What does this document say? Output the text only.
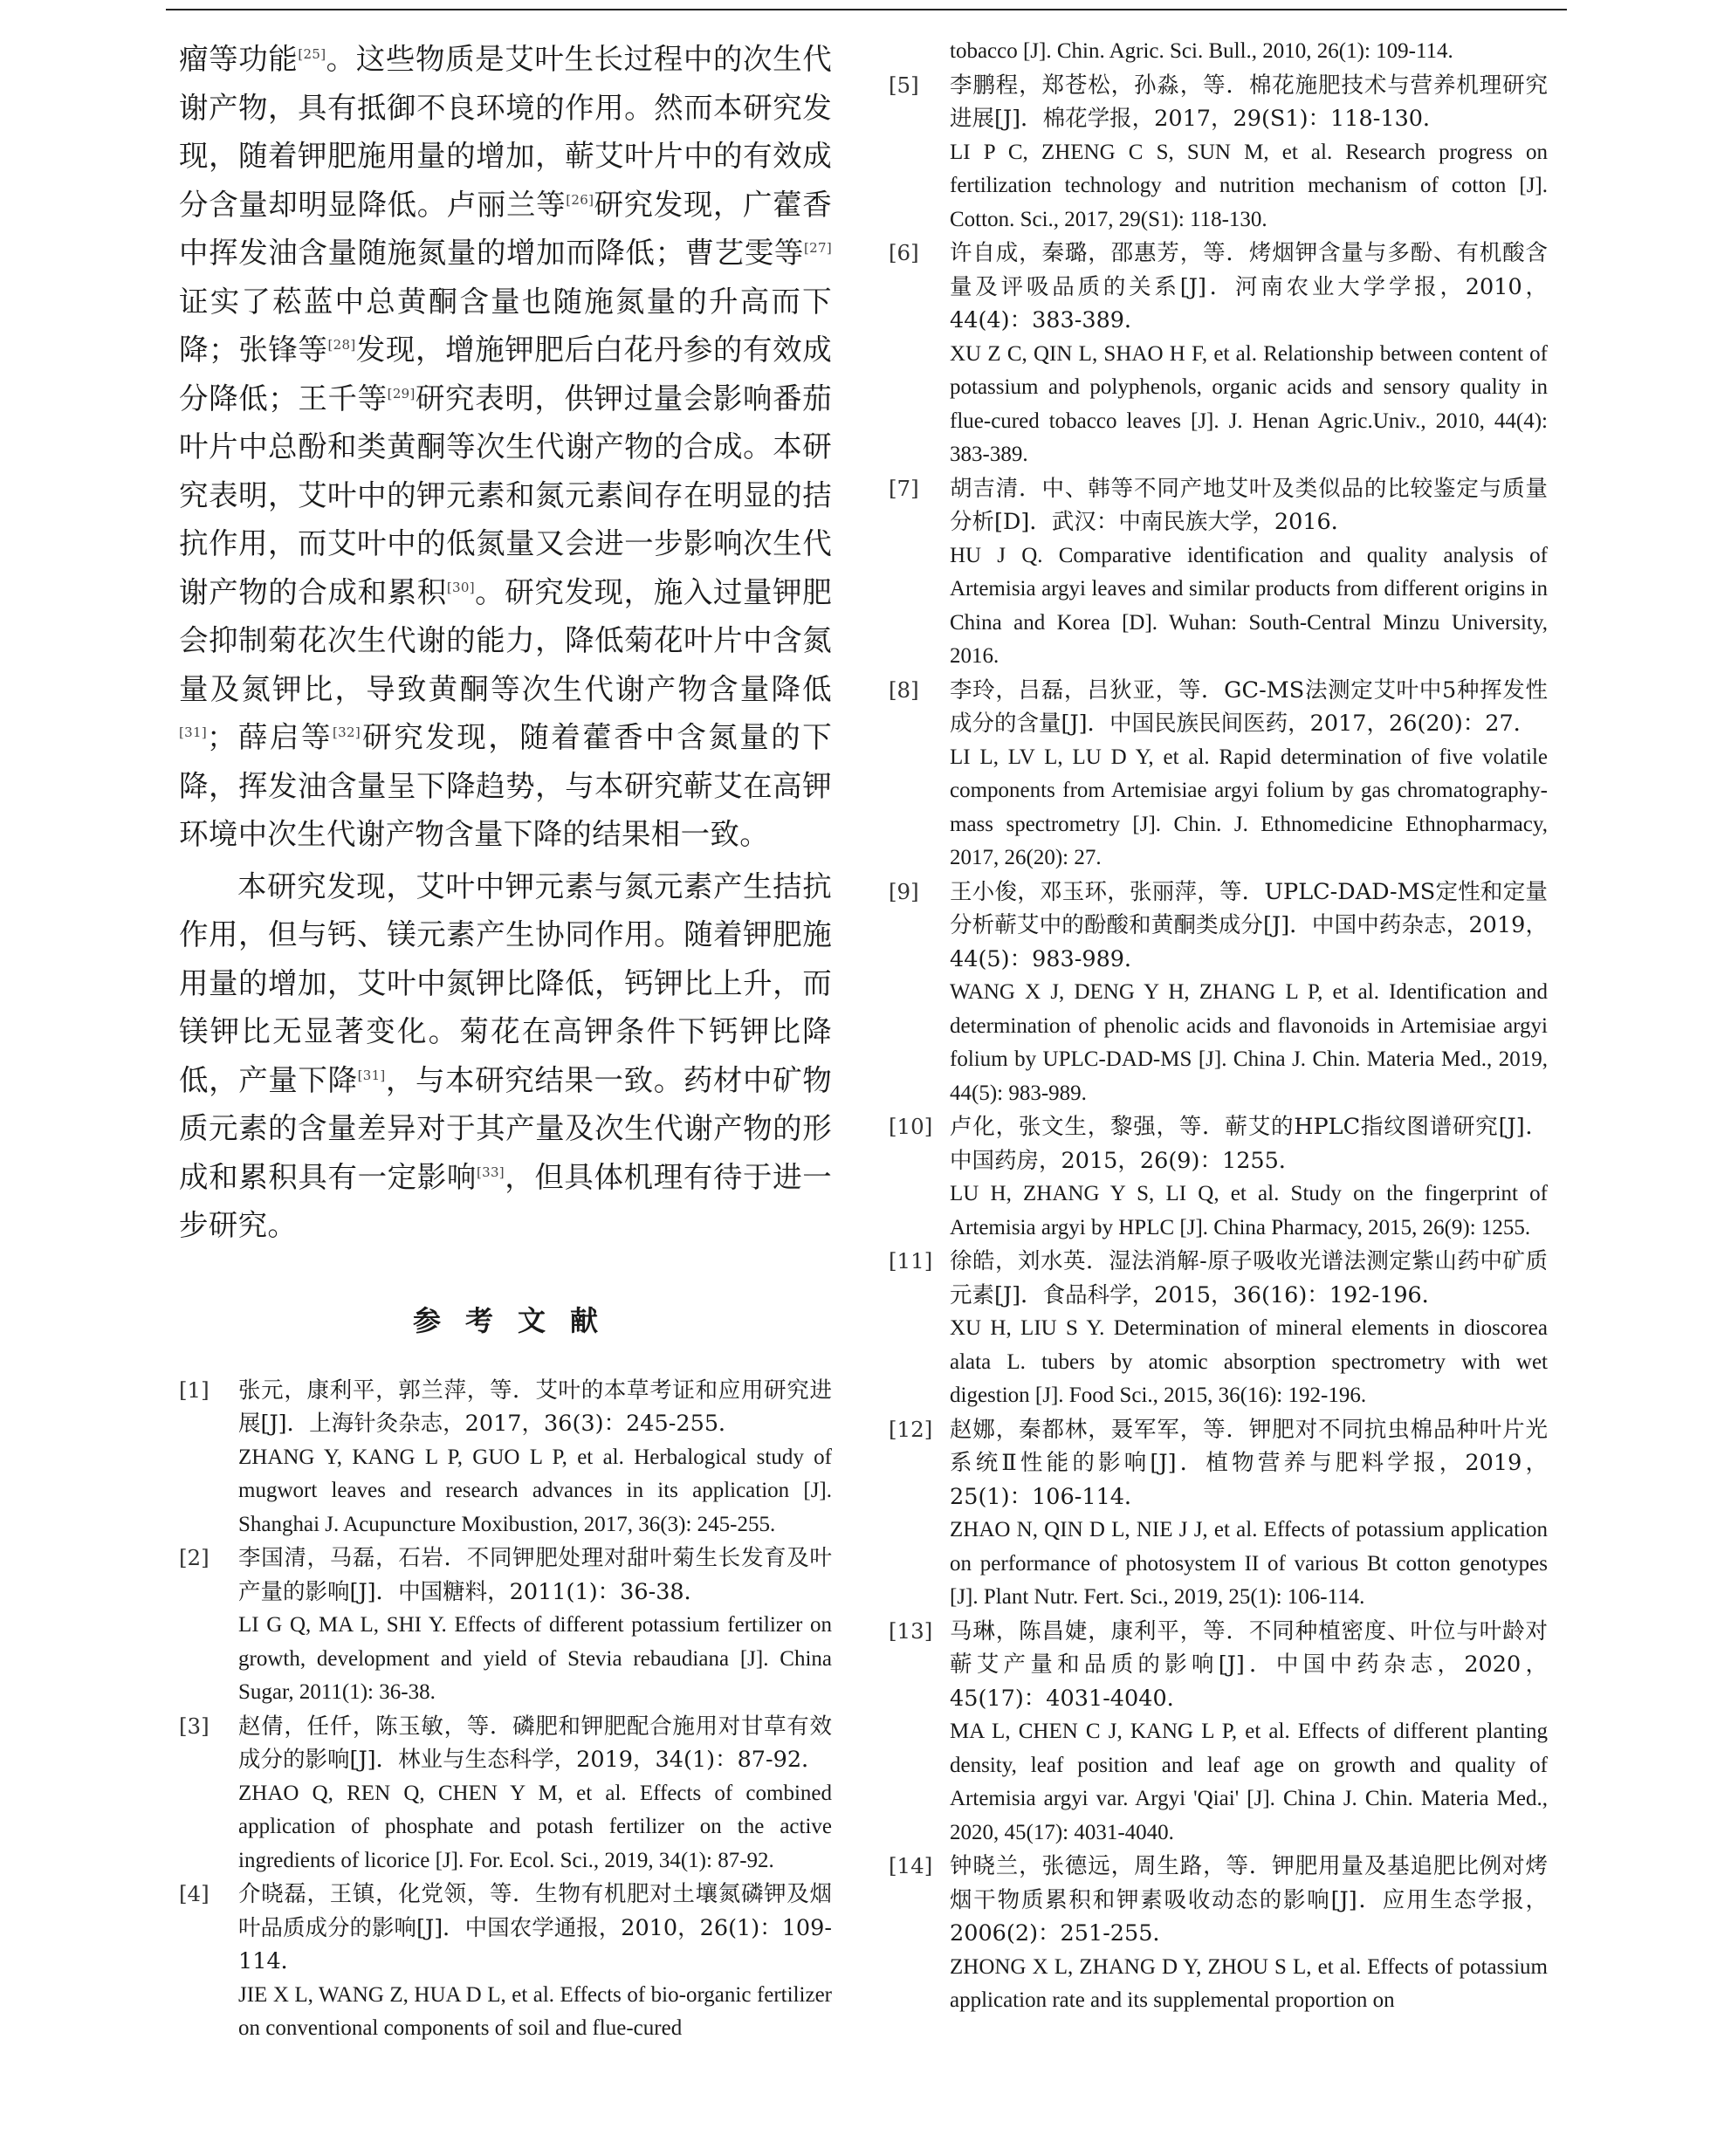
瘤等功能[25]。这些物质是艾叶生长过程中的次生代谢产物，具有抵御不良环境的作用。然而本研究发现，随着钾肥施用量的增加，蕲艾叶片中的有效成分含量却明显降低。卢丽兰等[26]研究发现，广藿香中挥发油含量随施氮量的增加而降低；曹艺雯等[27]证实了菘蓝中总黄酮含量也随施氮量的升高而下降；张锋等[28]发现，增施钾肥后白花丹参的有效成分降低；王千等[29]研究表明，供钾过量会影响番茄叶片中总酚和类黄酮等次生代谢产物的合成。本研究表明，艾叶中的钾元素和氮元素间存在明显的拮抗作用，而艾叶中的低氮量又会进一步影响次生代谢产物的合成和累积[30]。研究发现，施入过量钾肥会抑制菊花次生代谢的能力，降低菊花叶片中含氮量及氮钾比，导致黄酮等次生代谢产物含量降低[31]；薛启等[32]研究发现，随着藿香中含氮量的下降，挥发油含量呈下降趋势，与本研究蕲艾在高钾环境中次生代谢产物含量下降的结果相一致。

本研究发现，艾叶中钾元素与氮元素产生拮抗作用，但与钙、镁元素产生协同作用。随着钾肥施用量的增加，艾叶中氮钾比降低，钙钾比上升，而镁钾比无显著变化。菊花在高钾条件下钙钾比降低，产量下降[31]，与本研究结果一致。药材中矿物质元素的含量差异对于其产量及次生代谢产物的形成和累积具有一定影响[33]，但具体机理有待于进一步研究。

参考文献
[1]	张元，康利平，郭兰萍，等．艾叶的本草考证和应用研究进展[J]．上海针灸杂志，2017，36(3)：245-255．
ZHANG Y, KANG L P, GUO L P, et al. Herbalogical study of mugwort leaves and research advances in its application [J]. Shanghai J. Acupuncture Moxibustion, 2017, 36(3): 245-255.
[2]	李国清，马磊，石岩．不同钾肥处理对甜叶菊生长发育及叶产量的影响[J]．中国糖料，2011(1)：36-38．
LI G Q, MA L, SHI Y. Effects of different potassium fertilizer on growth, development and yield of Stevia rebaudiana [J]. China Sugar, 2011(1): 36-38.
[3]	赵倩，任仟，陈玉敏，等．磷肥和钾肥配合施用对甘草有效成分的影响[J]．林业与生态科学，2019，34(1)：87-92．
ZHAO Q, REN Q, CHEN Y M, et al. Effects of combined application of phosphate and potash fertilizer on the active ingredients of licorice [J]. For. Ecol. Sci., 2019, 34(1): 87-92.
[4]	介晓磊，王镇，化党领，等．生物有机肥对土壤氮磷钾及烟叶品质成分的影响[J]．中国农学通报，2010，26(1)：109-114．
JIE X L, WANG Z, HUA D L, et al. Effects of bio-organic fertilizer on conventional components of soil and flue-cured
tobacco [J]. Chin. Agric. Sci. Bull., 2010, 26(1): 109-114.
[5]	李鹏程，郑苍松，孙淼，等．棉花施肥技术与营养机理研究进展[J]．棉花学报，2017，29(S1)：118-130．
LI P C, ZHENG C S, SUN M, et al. Research progress on fertilization technology and nutrition mechanism of cotton [J]. Cotton. Sci., 2017, 29(S1): 118-130.
[6]	许自成，秦璐，邵惠芳，等．烤烟钾含量与多酚、有机酸含量及评吸品质的关系[J]．河南农业大学学报，2010，44(4)：383-389．
XU Z C, QIN L, SHAO H F, et al. Relationship between content of potassium and polyphenols, organic acids and sensory quality in flue-cured tobacco leaves [J]. J. Henan Agric.Univ., 2010, 44(4): 383-389.
[7]	胡吉清．中、韩等不同产地艾叶及类似品的比较鉴定与质量分析[D]．武汉：中南民族大学，2016．
HU J Q. Comparative identification and quality analysis of Artemisia argyi leaves and similar products from different origins in China and Korea [D]. Wuhan: South-Central Minzu University, 2016.
[8]	李玲，吕磊，吕狄亚，等．GC-MS法测定艾叶中5种挥发性成分的含量[J]．中国民族民间医药，2017，26(20)：27．
LI L, LV L, LU D Y, et al. Rapid determination of five volatile components from Artemisiae argyi folium by gas chromatography-mass spectrometry [J]. Chin. J. Ethnomedicine Ethnopharmacy, 2017, 26(20): 27.
[9]	王小俊，邓玉环，张丽萍，等．UPLC-DAD-MS定性和定量分析蕲艾中的酚酸和黄酮类成分[J]．中国中药杂志，2019，44(5)：983-989．
WANG X J, DENG Y H, ZHANG L P, et al. Identification and determination of phenolic acids and flavonoids in Artemisiae argyi folium by UPLC-DAD-MS [J]. China J. Chin. Materia Med., 2019, 44(5): 983-989.
[10] 卢化，张文生，黎强，等．蕲艾的HPLC指纹图谱研究[J]．中国药房，2015，26(9)：1255．
LU H, ZHANG Y S, LI Q, et al. Study on the fingerprint of Artemisia argyi by HPLC [J]. China Pharmacy, 2015, 26(9): 1255.
[11] 徐皓，刘水英．湿法消解-原子吸收光谱法测定紫山药中矿质元素[J]．食品科学，2015，36(16)：192-196．
XU H, LIU S Y. Determination of mineral elements in dioscorea alata L. tubers by atomic absorption spectrometry with wet digestion [J]. Food Sci., 2015, 36(16): 192-196.
[12] 赵娜，秦都林，聂军军，等．钾肥对不同抗虫棉品种叶片光系统Ⅱ性能的影响[J]．植物营养与肥料学报，2019，25(1)：106-114．
ZHAO N, QIN D L, NIE J J, et al. Effects of potassium application on performance of photosystem II of various Bt cotton genotypes [J]. Plant Nutr. Fert. Sci., 2019, 25(1): 106-114.
[13] 马琳，陈昌婕，康利平，等．不同种植密度、叶位与叶龄对蕲艾产量和品质的影响[J]．中国中药杂志，2020，45(17)：4031-4040．
MA L, CHEN C J, KANG L P, et al. Effects of different planting density, leaf position and leaf age on growth and quality of Artemisia argyi var. Argyi 'Qiai' [J]. China J. Chin. Materia Med., 2020, 45(17): 4031-4040.
[14] 钟晓兰，张德远，周生路，等．钾肥用量及基追肥比例对烤烟干物质累积和钾素吸收动态的影响[J]．应用生态学报，2006(2)：251-255．
ZHONG X L, ZHANG D Y, ZHOU S L, et al. Effects of potassium application rate and its supplemental proportion on
